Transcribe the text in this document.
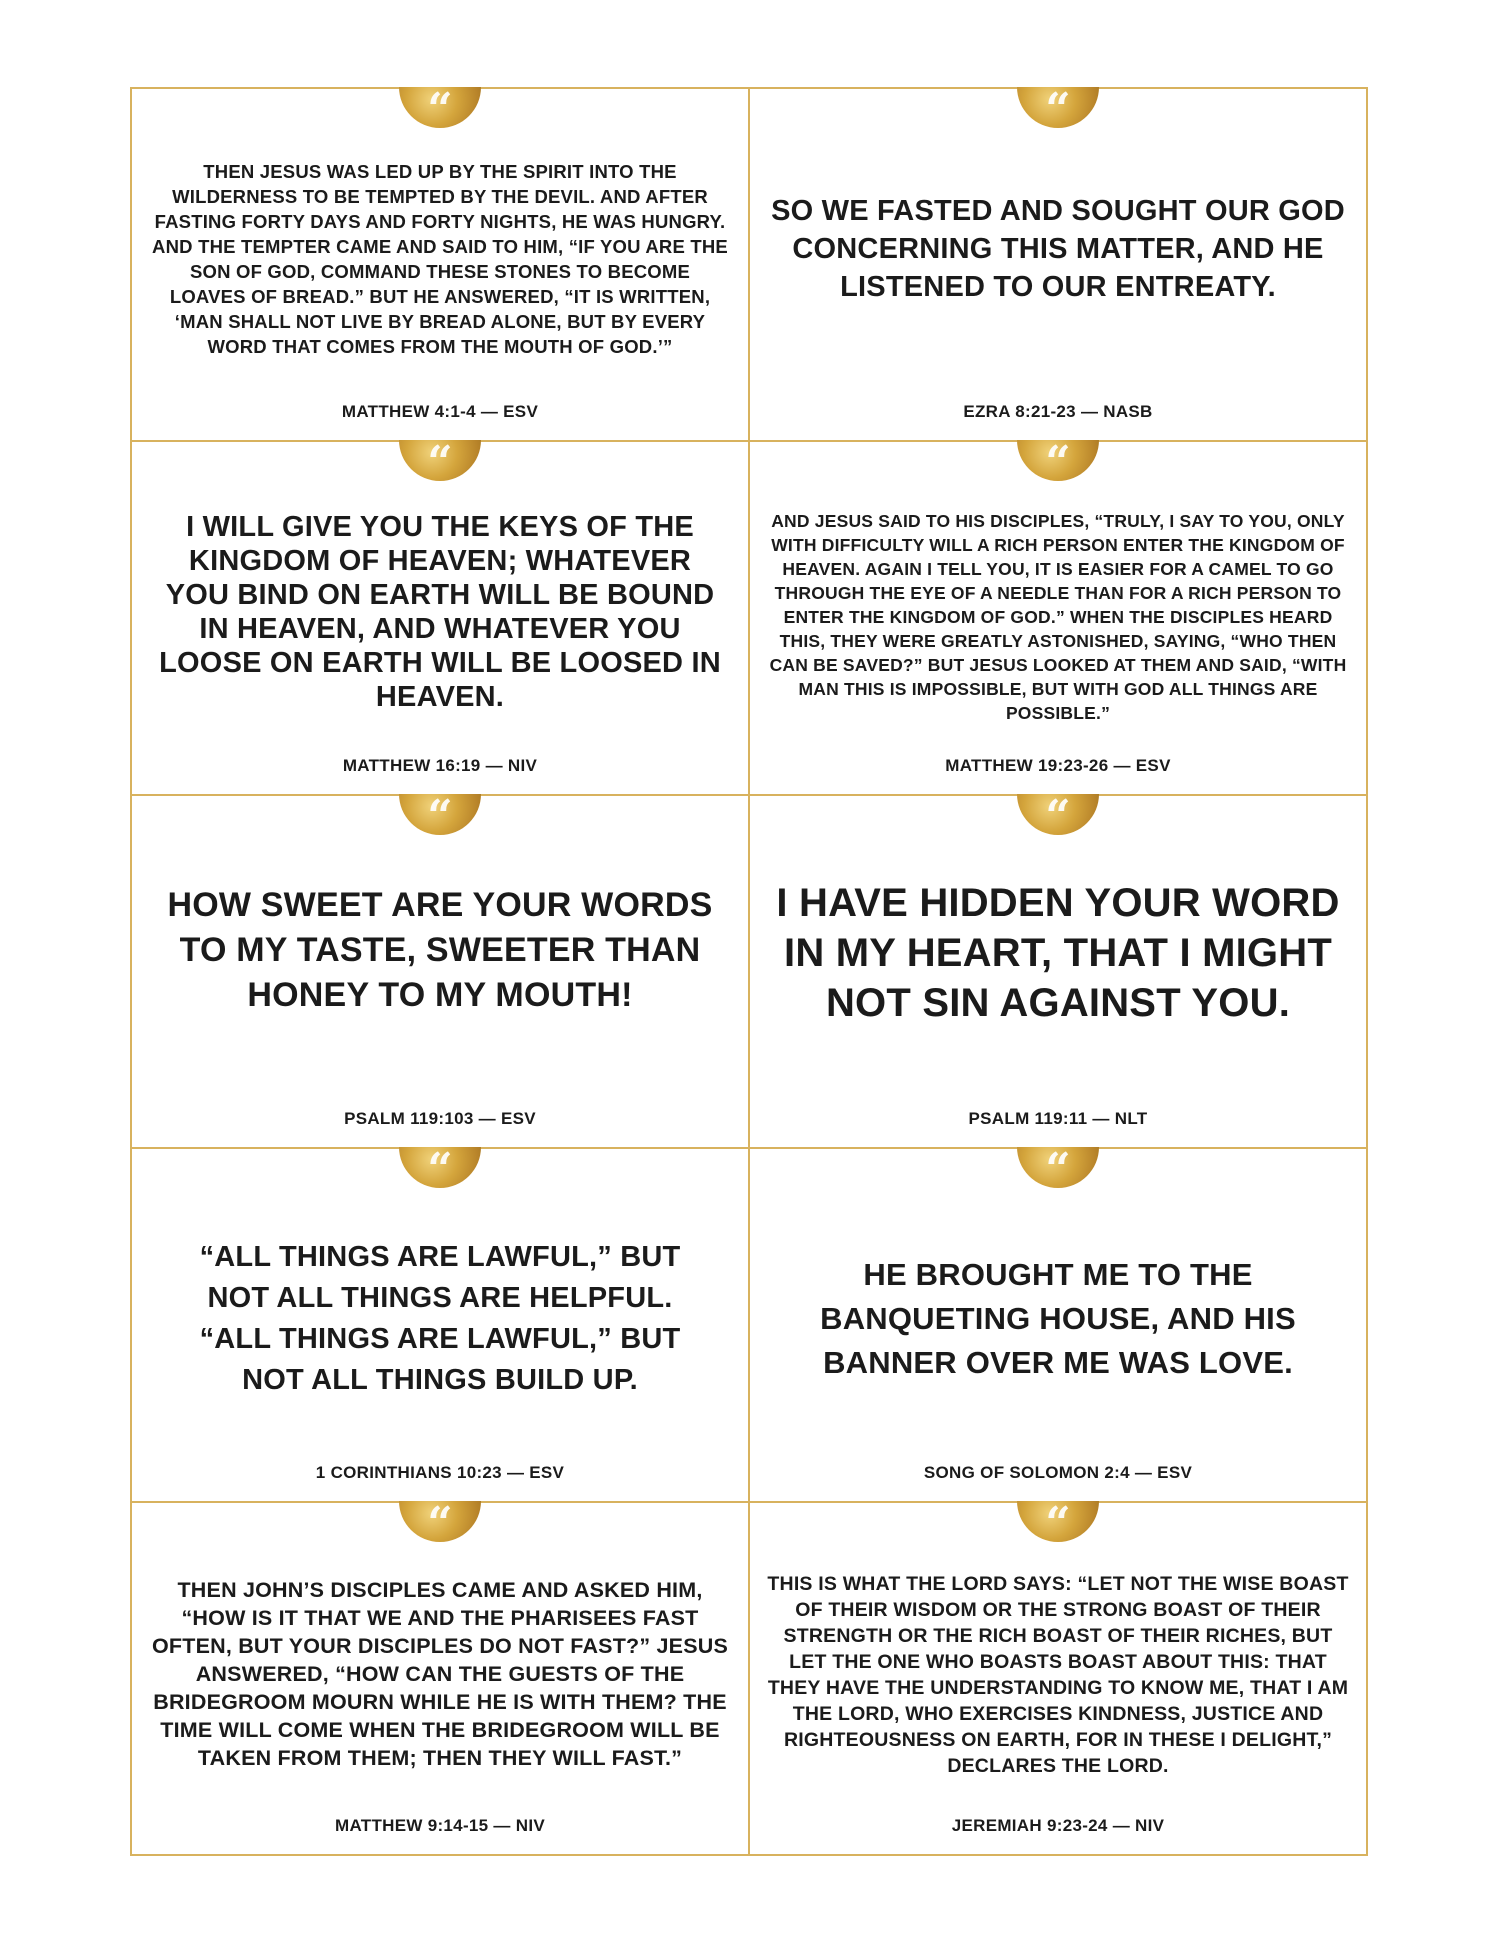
“

THEN JESUS WAS LED UP BY THE SPIRIT INTO THE WILDERNESS TO BE TEMPTED BY THE DEVIL. AND AFTER FASTING FORTY DAYS AND FORTY NIGHTS, HE WAS HUNGRY. AND THE TEMPTER CAME AND SAID TO HIM, “IF YOU ARE THE SON OF GOD, COMMAND THESE STONES TO BECOME LOAVES OF BREAD.” BUT HE ANSWERED, “IT IS WRITTEN, ‘MAN SHALL NOT LIVE BY BREAD ALONE, BUT BY EVERY WORD THAT COMES FROM THE MOUTH OF GOD.’”

MATTHEW 4:1-4 — ESV
“

SO WE FASTED AND SOUGHT OUR GOD CONCERNING THIS MATTER, AND HE LISTENED TO OUR ENTREATY.

EZRA 8:21-23 — NASB
“

I WILL GIVE YOU THE KEYS OF THE KINGDOM OF HEAVEN; WHATEVER YOU BIND ON EARTH WILL BE BOUND IN HEAVEN, AND WHATEVER YOU LOOSE ON EARTH WILL BE LOOSED IN HEAVEN.

MATTHEW 16:19 — NIV
“

AND JESUS SAID TO HIS DISCIPLES, “TRULY, I SAY TO YOU, ONLY WITH DIFFICULTY WILL A RICH PERSON ENTER THE KINGDOM OF HEAVEN. AGAIN I TELL YOU, IT IS EASIER FOR A CAMEL TO GO THROUGH THE EYE OF A NEEDLE THAN FOR A RICH PERSON TO ENTER THE KINGDOM OF GOD.” WHEN THE DISCIPLES HEARD THIS, THEY WERE GREATLY ASTONISHED, SAYING, “WHO THEN CAN BE SAVED?” BUT JESUS LOOKED AT THEM AND SAID, “WITH MAN THIS IS IMPOSSIBLE, BUT WITH GOD ALL THINGS ARE POSSIBLE.”

MATTHEW 19:23-26 — ESV
“

HOW SWEET ARE YOUR WORDS TO MY TASTE, SWEETER THAN HONEY TO MY MOUTH!

PSALM 119:103 — ESV
“

I HAVE HIDDEN YOUR WORD IN MY HEART, THAT I MIGHT NOT SIN AGAINST YOU.

PSALM 119:11 — NLT
“

“ALL THINGS ARE LAWFUL,” BUT NOT ALL THINGS ARE HELPFUL. “ALL THINGS ARE LAWFUL,” BUT NOT ALL THINGS BUILD UP.

1 CORINTHIANS 10:23 — ESV
“

HE BROUGHT ME TO THE BANQUETING HOUSE, AND HIS BANNER OVER ME WAS LOVE.

SONG OF SOLOMON 2:4 — ESV
“

THEN JOHN’S DISCIPLES CAME AND ASKED HIM, “HOW IS IT THAT WE AND THE PHARISEES FAST OFTEN, BUT YOUR DISCIPLES DO NOT FAST?” JESUS ANSWERED, “HOW CAN THE GUESTS OF THE BRIDEGROOM MOURN WHILE HE IS WITH THEM? THE TIME WILL COME WHEN THE BRIDEGROOM WILL BE TAKEN FROM THEM; THEN THEY WILL FAST.”

MATTHEW 9:14-15 — NIV
“

THIS IS WHAT THE LORD SAYS: “LET NOT THE WISE BOAST OF THEIR WISDOM OR THE STRONG BOAST OF THEIR STRENGTH OR THE RICH BOAST OF THEIR RICHES, BUT LET THE ONE WHO BOASTS BOAST ABOUT THIS: THAT THEY HAVE THE UNDERSTANDING TO KNOW ME, THAT I AM THE LORD, WHO EXERCISES KINDNESS, JUSTICE AND RIGHTEOUSNESS ON EARTH, FOR IN THESE I DELIGHT,” DECLARES THE LORD.

JEREMIAH 9:23-24 — NIV
